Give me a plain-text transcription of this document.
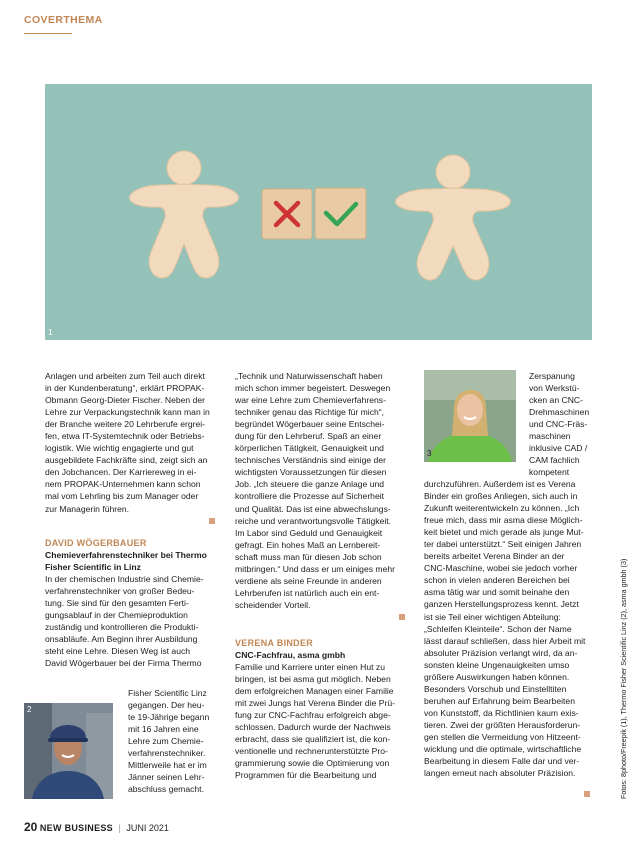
COVERTHEMA
1

Anlagen und arbeiten zum Teil auch direkt
in der Kundenberatung“, erklärt PROPAK-
Obmann Georg-Dieter Fischer. Neben der
Lehre zur Verpackungstechnik kann man in
der Branche weitere 20 Lehrberufe ergrei-
fen, etwa IT-Systemtechnik oder Betriebs-
logistik. Wie wichtig engagierte und gut
ausgebildete Fachkräfte sind, zeigt sich an
den Jobchancen. Der Karriereweg in ei-
nem PROPAK-Unternehmen kann schon
mal vom Lehrling bis zum Manager oder
zur Managerin führen.

DAVID WÖGERBAUER
Chemieverfahrenstechniker bei Thermo
Fisher Scientific in Linz

In der chemischen Industrie sind Chemie-
verfahrenstechniker von großer Bedeu-
tung. Sie sind für den gesamten Ferti-
gungsablauf in der Chemieproduktion
zuständig und kontrollieren die Produkti-
onsabläufe. Am Beginn ihrer Ausbildung
steht eine Lehre. Diesen Weg ist auch
David Wögerbauer bei der Firma Thermo

2
Fisher Scientific Linz
gegangen. Der heu-
te 19-Jährige begann
mit 16 Jahren eine
Lehre zum Chemie-
verfahrenstechniker.
Mittlerweile hat er im
Jänner seinen Lehr-
abschluss gemacht.

„Technik und Naturwissenschaft haben
mich schon immer begeistert. Deswegen
war eine Lehre zum Chemieverfahrens-
techniker genau das Richtige für mich“,
begründet Wögerbauer seine Entschei-
dung für den Lehrberuf. Spaß an einer
körperlichen Tätigkeit, Genauigkeit und
technisches Verständnis sind einige der
wichtigsten Voraussetzungen für diesen
Job. „Ich steuere die ganze Anlage und
kontrolliere die Prozesse auf Sicherheit
und Qualität. Das ist eine abwechslungs-
reiche und verantwortungsvolle Tätigkeit.
Im Labor sind Geduld und Genauigkeit
gefragt. Ein hohes Maß an Lernbereit-
schaft muss man für diesen Job schon
mitbringen.“ Und dass er um einiges mehr
verdiene als seine Freunde in anderen
Lehrberufen ist natürlich auch ein ent-
scheidender Vorteil.

VERENA BINDER
CNC-Fachfrau, asma gmbh

Familie und Karriere unter einen Hut zu
bringen, ist bei asma gut möglich. Neben
dem erfolgreichen Managen einer Familie
mit zwei Jungs hat Verena Binder die Prü-
fung zur CNC-Fachfrau erfolgreich abge-
schlossen. Dadurch wurde der Nachweis
erbracht, dass sie qualifiziert ist, die kon-
ventionelle und rechnerunterstützte Pro-
grammierung sowie die Optimierung von
Programmen für die Bearbeitung und

3
Zerspanung
von Werkstü-
cken an CNC-
Drehmaschinen
und CNC-Fräs-
maschinen
inklusive CAD /
CAM fachlich
kompetent

durchzuführen. Außerdem ist es Verena
Binder ein großes Anliegen, sich auch in
Zukunft weiterentwickeln zu können. „Ich
freue mich, dass mir asma diese Möglich-
keit bietet und mich gerade als junge Mut-
ter dabei unterstützt.“ Seit einigen Jahren
bereits arbeitet Verena Binder an der
CNC-Maschine, wobei sie jedoch vorher
schon in vielen anderen Bereichen bei
asma tätig war und somit beinahe den
ganzen Herstellungsprozess kennt. Jetzt
ist sie Teil einer wichtigen Abteilung:
„Schleifen Kleinteile“. Schon der Name
lässt darauf schließen, dass hier Arbeit mit
absoluter Präzision verlangt wird, da an-
sonsten kleine Ungenauigkeiten umso
größere Auswirkungen haben können.
Besonders Vorschub und Einstelltiten
beruhen auf Erfahrung beim Bearbeiten
von Kunststoff, da Richtlinien kaum exis-
tieren. Zwei der größten Herausforderun-
gen stellen die Vermeidung von Hitzeent-
wicklung und die optimale, wirtschaftliche
Bearbeitung in diesem Falle dar und ver-
langen erneut nach absoluter Präzision.	Fotos: 8photo/Freepik (1), Thermo Fisher Scientific Linz (2), asma gmbh (3)
20 NEW BUSINESS | JUNI 2021
